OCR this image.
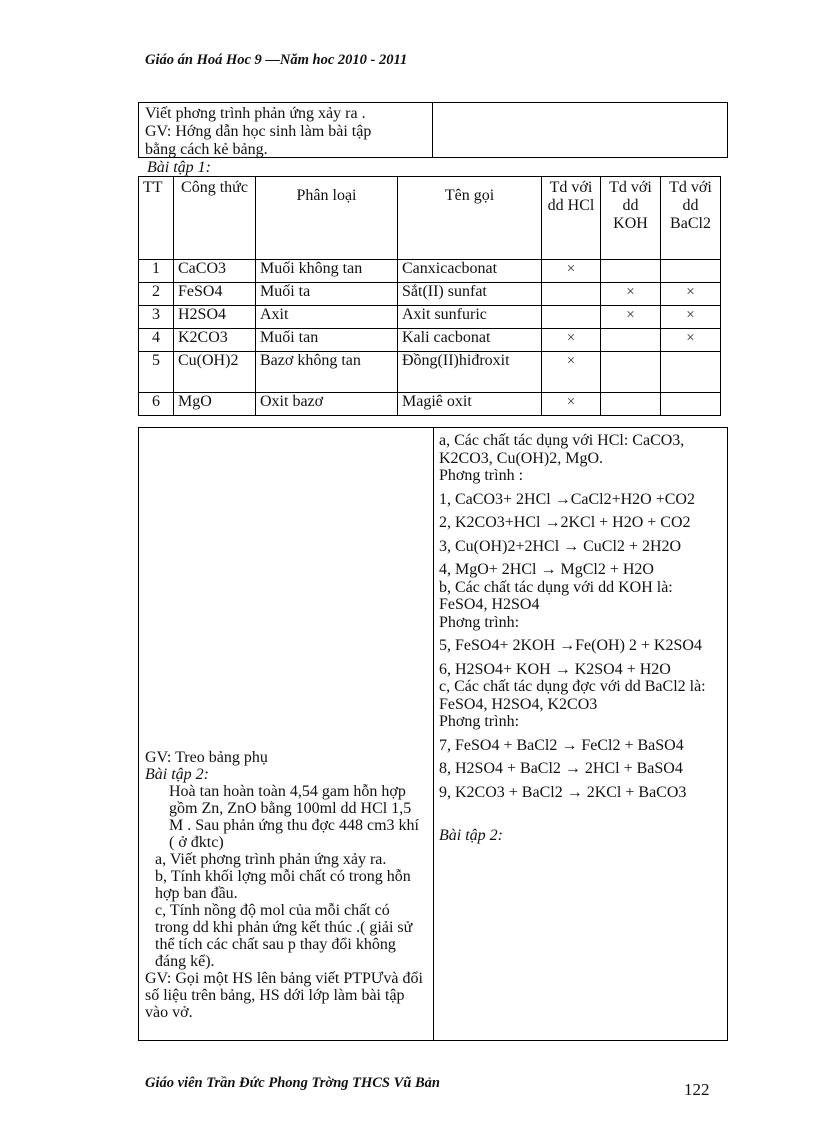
Giáo án Hoá Hoc 9 —Năm hoc 2010 - 2011
Viết phơng trình phản ứng xảy ra .
GV: Hớng dẫn học sinh làm bài tập
bằng cách kẻ bảng.
Bài tập 1:
TT	Công thức	Phân loại	Tên gọi	Td với dd HCl	Td với dd KOH	Td với dd BaCl2
1	CaCO3	Muối không tan	Canxicacbonat	×		
2	FeSO4	Muối ta	Sắt(II) sunfat		×	×
3	H2SO4	Axit	Axit sunfuric		×	×
4	K2CO3	Muối tan	Kali cacbonat	×		×
5	Cu(OH)2	Bazơ không tan	Đồng(II)hiđroxit	×		
6	MgO	Oxit bazơ	Magiê oxit	×		
GV: Treo bảng phụ
Bài tập 2:
Hoà tan hoàn toàn 4,54 gam hỗn hợp gồm Zn, ZnO bằng 100ml dd HCl 1,5 M . Sau phản ứng thu đợc 448 cm3 khí ( ở đktc)
a, Viết phơng trình phản ứng xảy ra.
b, Tính khối lợng mỗi chất có trong hỗn hợp ban đầu.
c, Tính nồng độ mol của mỗi chất có trong dd khi phản ứng kết thúc .( giải sử thể tích các chất sau p thay đổi không đáng kể).
GV: Gọi một HS lên bảng viết PTPƯvà đổi số liệu trên bảng, HS dới lớp làm bài tập vào vở.
a, Các chất tác dụng với HCl: CaCO3, K2CO3, Cu(OH)2, MgO.
Phơng trình :
1, CaCO3+ 2HCl →CaCl2+H2O +CO2
2, K2CO3+HCl →2KCl + H2O + CO2
3, Cu(OH)2+2HCl → CuCl2 + 2H2O
4, MgO+ 2HCl → MgCl2 + H2O
b, Các chất tác dụng với dd KOH là: FeSO4, H2SO4
Phơng trình:
5, FeSO4+ 2KOH →Fe(OH) 2 + K2SO4
6, H2SO4+ KOH → K2SO4 + H2O
c, Các chất tác dụng đợc với dd BaCl2 là: FeSO4, H2SO4, K2CO3
Phơng trình:
7, FeSO4 + BaCl2 → FeCl2 + BaSO4
8, H2SO4 + BaCl2 → 2HCl + BaSO4
9, K2CO3 + BaCl2 → 2KCl + BaCO3
Bài tập 2:
Giáo viên Trần Đức Phong Trờng THCS Vũ Bản	122
